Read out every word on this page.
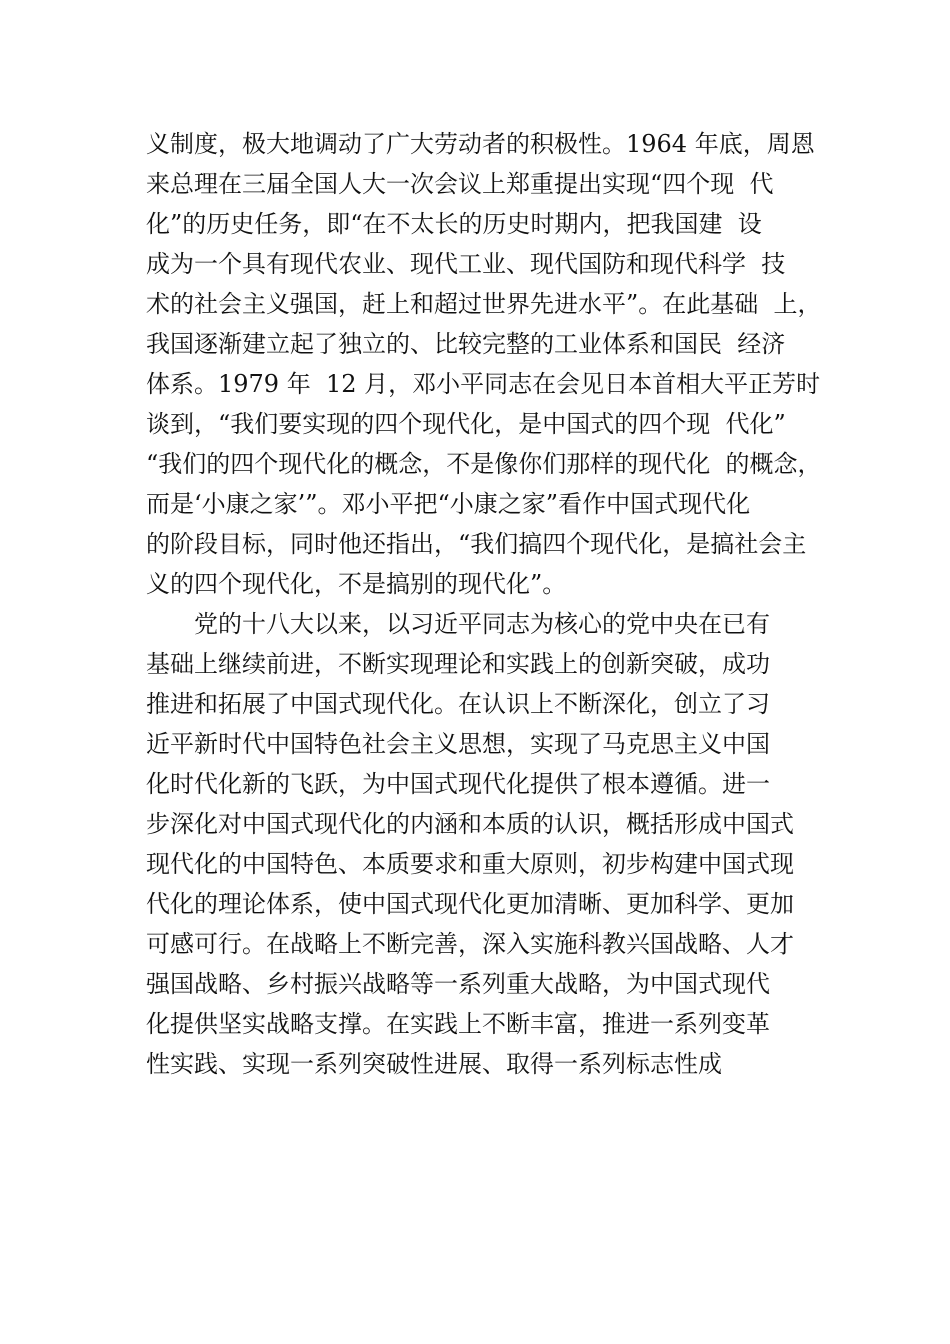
义制度，极大地调动了广大劳动者的积极性。1964 年底，周恩
来总理在三届全国人大一次会议上郑重提出实现“四个现  代
化”的历史任务，即“在不太长的历史时期内，把我国建  设
成为一个具有现代农业、现代工业、现代国防和现代科学  技
术的社会主义强国，赶上和超过世界先进水平”。在此基础  上，
我国逐渐建立起了独立的、比较完整的工业体系和国民  经济
体系。1979 年  12 月，邓小平同志在会见日本首相大平正芳时
谈到，“我们要实现的四个现代化，是中国式的四个现  代化”
“我们的四个现代化的概念，不是像你们那样的现代化  的概念，
而是‘小康之家’”。邓小平把“小康之家”看作中国式现代化
的阶段目标，同时他还指出，“我们搞四个现代化，是搞社会主
义的四个现代化，不是搞别的现代化”。
党的十八大以来，以习近平同志为核心的党中央在已有
基础上继续前进，不断实现理论和实践上的创新突破，成功
推进和拓展了中国式现代化。在认识上不断深化，创立了习
近平新时代中国特色社会主义思想，实现了马克思主义中国
化时代化新的飞跃，为中国式现代化提供了根本遵循。进一
步深化对中国式现代化的内涵和本质的认识，概括形成中国式
现代化的中国特色、本质要求和重大原则，初步构建中国式现
代化的理论体系，使中国式现代化更加清晰、更加科学、更加
可感可行。在战略上不断完善，深入实施科教兴国战略、人才
强国战略、乡村振兴战略等一系列重大战略，为中国式现代
化提供坚实战略支撑。在实践上不断丰富，推进一系列变革
性实践、实现一系列突破性进展、取得一系列标志性成
